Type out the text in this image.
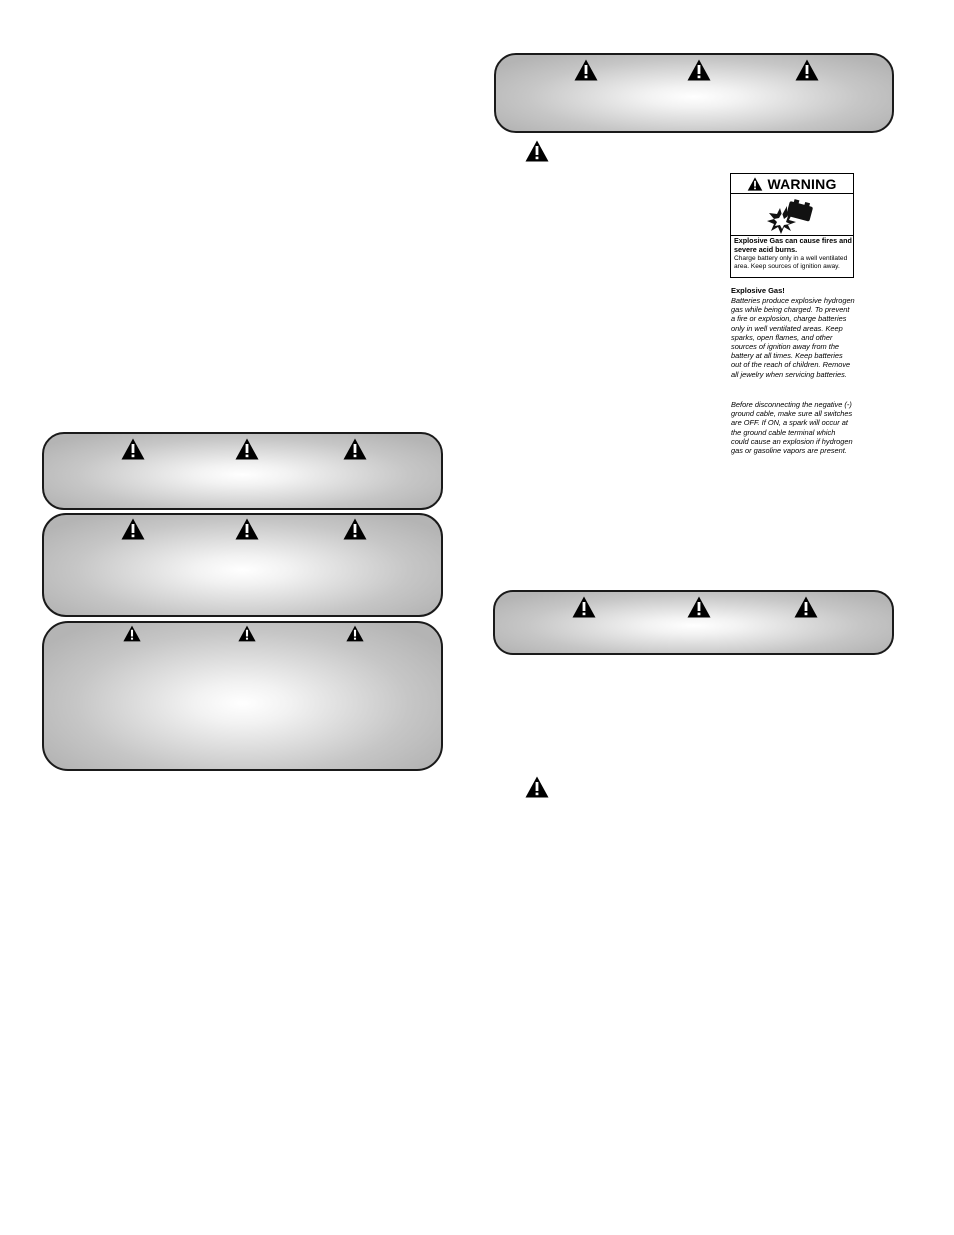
WARNING
Explosive Gas can cause fires and severe acid burns.
Charge battery only in a well ventilated area. Keep sources of ignition away.
Explosive Gas!
Batteries produce explosive hydrogen gas while being charged. To prevent a fire or explosion, charge batteries only in well ventilated areas. Keep sparks, open flames, and other sources of ignition away from the battery at all times. Keep batteries out of the reach of children. Remove all jewelry when servicing batteries.
Before disconnecting the negative (-) ground cable, make sure all switches are OFF. If ON, a spark will occur at the ground cable terminal which could cause an explosion if hydrogen gas or gasoline vapors are present.
